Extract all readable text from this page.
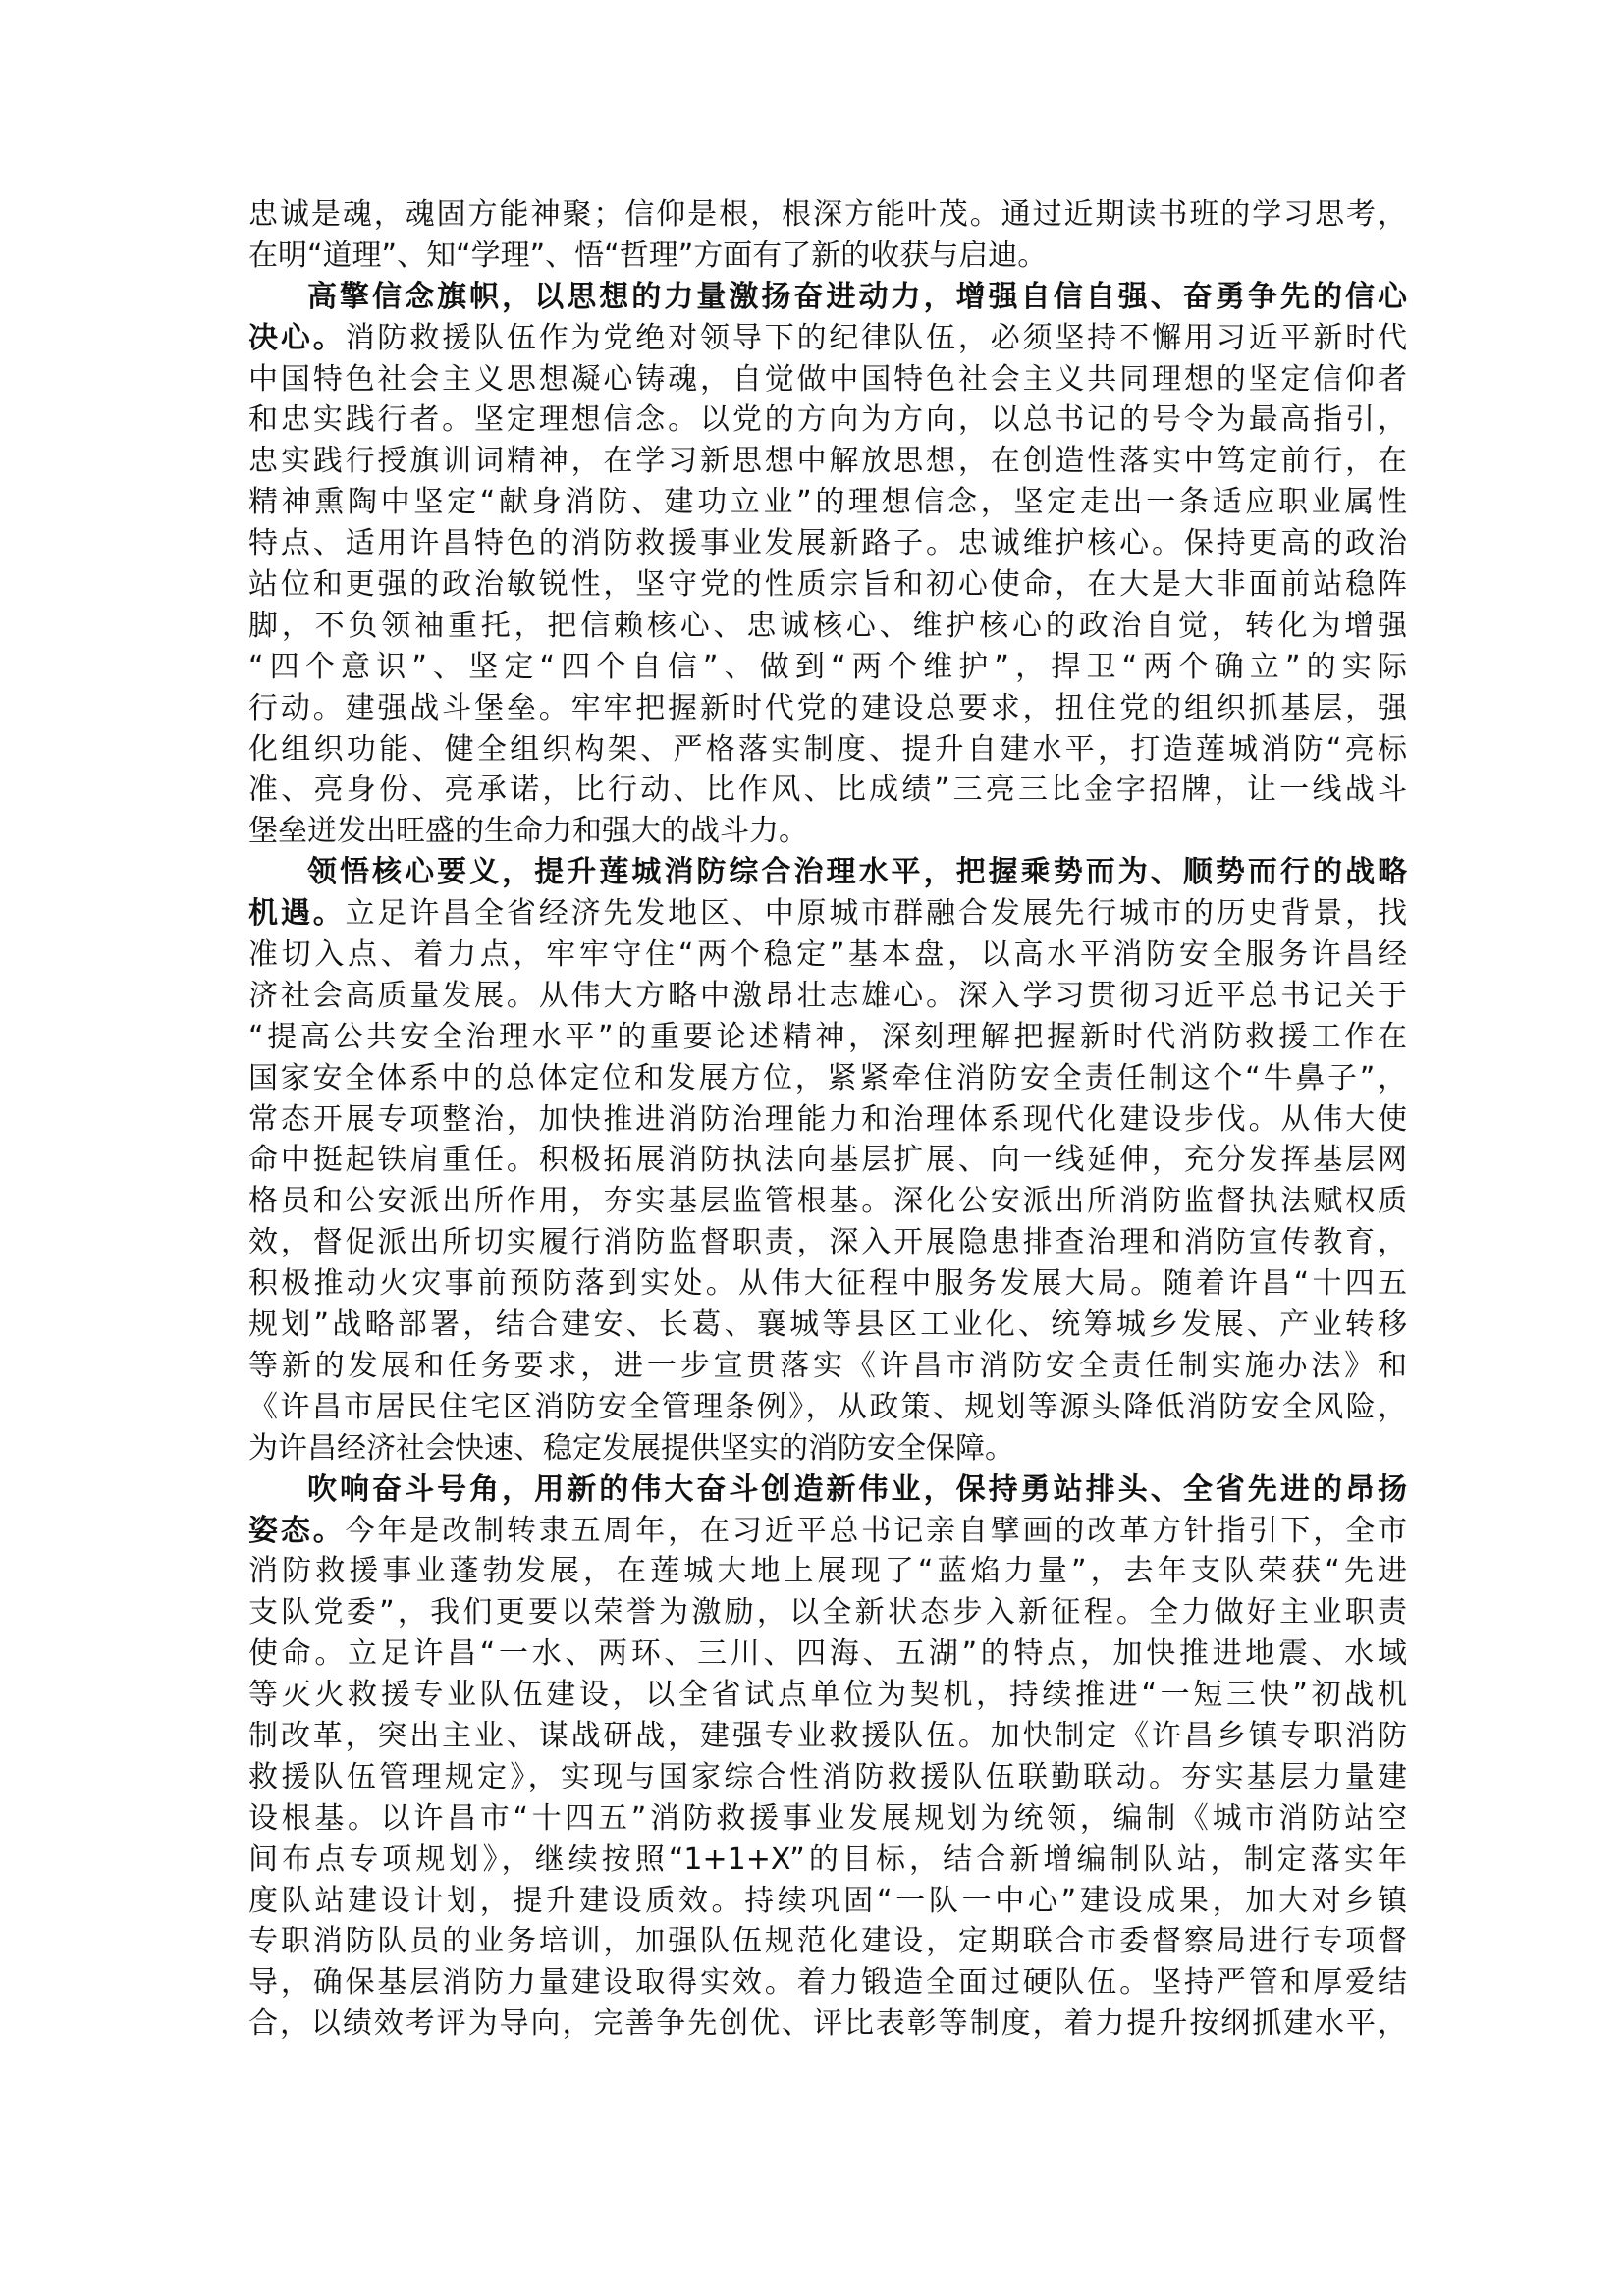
忠诚是魂，魂固方能神聚；信仰是根，根深方能叶茂。通过近期读书班的学习思考，
在明“道理”、知“学理”、悟“哲理”方面有了新的收获与启迪。
高擎信念旗帜，以思想的力量激扬奋进动力，增强自信自强、奋勇争先的信心
决心。消防救援队伍作为党绝对领导下的纪律队伍，必须坚持不懈用习近平新时代
中国特色社会主义思想凝心铸魂，自觉做中国特色社会主义共同理想的坚定信仰者
和忠实践行者。坚定理想信念。以党的方向为方向，以总书记的号令为最高指引，
忠实践行授旗训词精神，在学习新思想中解放思想，在创造性落实中笃定前行，在
精神熏陶中坚定“献身消防、建功立业”的理想信念，坚定走出一条适应职业属性
特点、适用许昌特色的消防救援事业发展新路子。忠诚维护核心。保持更高的政治
站位和更强的政治敏锐性，坚守党的性质宗旨和初心使命，在大是大非面前站稳阵
脚，不负领袖重托，把信赖核心、忠诚核心、维护核心的政治自觉，转化为增强
“四个意识”、坚定“四个自信”、做到“两个维护”，捍卫“两个确立”的实际
行动。建强战斗堡垒。牢牢把握新时代党的建设总要求，扭住党的组织抓基层，强
化组织功能、健全组织构架、严格落实制度、提升自建水平，打造莲城消防“亮标
准、亮身份、亮承诺，比行动、比作风、比成绩”三亮三比金字招牌，让一线战斗
堡垒迸发出旺盛的生命力和强大的战斗力。
领悟核心要义，提升莲城消防综合治理水平，把握乘势而为、顺势而行的战略
机遇。立足许昌全省经济先发地区、中原城市群融合发展先行城市的历史背景，找
准切入点、着力点，牢牢守住“两个稳定”基本盘，以高水平消防安全服务许昌经
济社会高质量发展。从伟大方略中激昂壮志雄心。深入学习贯彻习近平总书记关于
“提高公共安全治理水平”的重要论述精神，深刻理解把握新时代消防救援工作在
国家安全体系中的总体定位和发展方位，紧紧牵住消防安全责任制这个“牛鼻子”，
常态开展专项整治，加快推进消防治理能力和治理体系现代化建设步伐。从伟大使
命中挺起铁肩重任。积极拓展消防执法向基层扩展、向一线延伸，充分发挥基层网
格员和公安派出所作用，夯实基层监管根基。深化公安派出所消防监督执法赋权质
效，督促派出所切实履行消防监督职责，深入开展隐患排查治理和消防宣传教育，
积极推动火灾事前预防落到实处。从伟大征程中服务发展大局。随着许昌“十四五
规划”战略部署，结合建安、长葛、襄城等县区工业化、统筹城乡发展、产业转移
等新的发展和任务要求，进一步宣贯落实《许昌市消防安全责任制实施办法》和
《许昌市居民住宅区消防安全管理条例》，从政策、规划等源头降低消防安全风险，
为许昌经济社会快速、稳定发展提供坚实的消防安全保障。
吹响奋斗号角，用新的伟大奋斗创造新伟业，保持勇站排头、全省先进的昂扬
姿态。今年是改制转隶五周年，在习近平总书记亲自擘画的改革方针指引下，全市
消防救援事业蓬勃发展，在莲城大地上展现了“蓝焰力量”，去年支队荣获“先进
支队党委”，我们更要以荣誉为激励，以全新状态步入新征程。全力做好主业职责
使命。立足许昌“一水、两环、三川、四海、五湖”的特点，加快推进地震、水域
等灭火救援专业队伍建设，以全省试点单位为契机，持续推进“一短三快”初战机
制改革，突出主业、谋战研战，建强专业救援队伍。加快制定《许昌乡镇专职消防
救援队伍管理规定》，实现与国家综合性消防救援队伍联勤联动。夯实基层力量建
设根基。以许昌市“十四五”消防救援事业发展规划为统领，编制《城市消防站空
间布点专项规划》，继续按照“1+1+X”的目标，结合新增编制队站，制定落实年
度队站建设计划，提升建设质效。持续巩固“一队一中心”建设成果，加大对乡镇
专职消防队员的业务培训，加强队伍规范化建设，定期联合市委督察局进行专项督
导，确保基层消防力量建设取得实效。着力锻造全面过硬队伍。坚持严管和厚爱结
合，以绩效考评为导向，完善争先创优、评比表彰等制度，着力提升按纲抓建水平，
